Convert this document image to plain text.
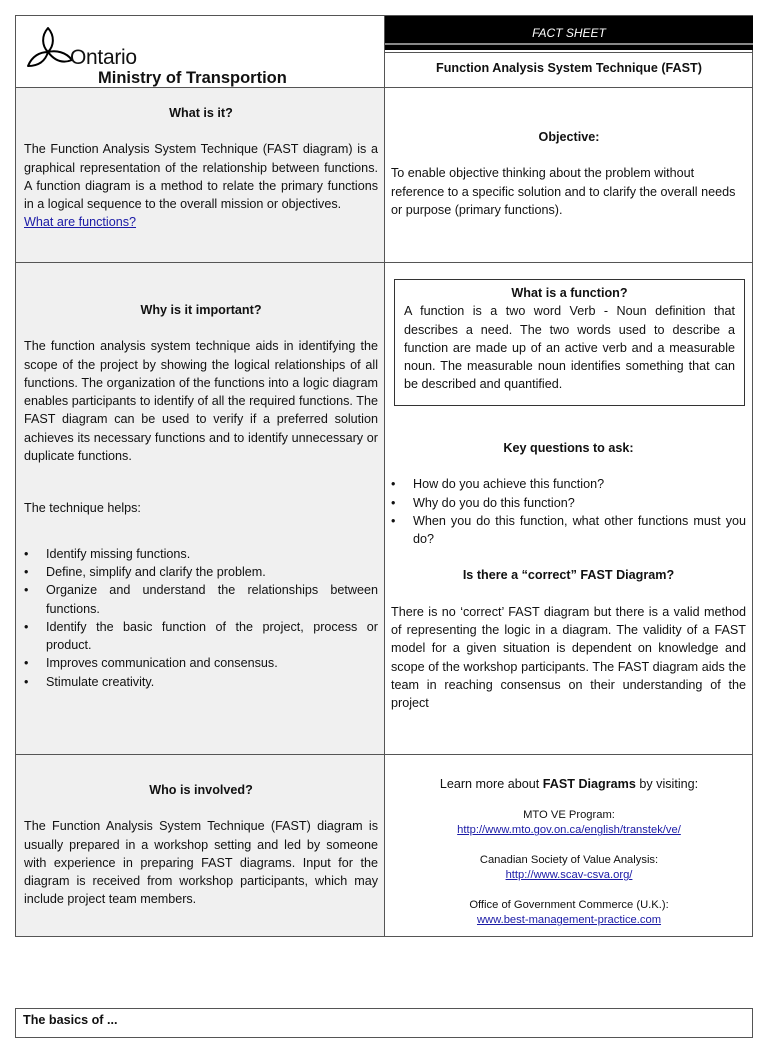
Ontario
Ministry of Transportion
FACT SHEET
Function Analysis System Technique (FAST)

What is it?

The Function Analysis System Technique (FAST diagram) is a graphical representation of the relationship between functions. A function diagram is a method to relate the primary functions in a logical sequence to the overall mission or objectives.

What are functions?

Objective:

To enable objective thinking about the problem without reference to a specific solution and to clarify the overall needs or purpose (primary functions).

Why is it important?

The function analysis system technique aids in identifying the scope of the project by showing the logical relationships of all functions. The organization of the functions into a logic diagram enables participants to identify of all the required functions. The FAST diagram can be used to verify if a preferred solution achieves its necessary functions and to identify unnecessary or duplicate functions.

The technique helps:

• Identify missing functions.
• Define, simplify and clarify the problem.
• Organize and understand the relationships between functions.
• Identify the basic function of the project, process or product.
• Improves communication and consensus.
• Stimulate creativity.

What is a function?

A function is a two word Verb - Noun definition that describes a need. The two words used to describe a function are made up of an active verb and a measurable noun. The measurable noun identifies something that can be described and quantified.

Key questions to ask:

• How do you achieve this function?
• Why do you do this function?
• When you do this function, what other functions must you do?

Is there a “correct” FAST Diagram?

There is no ‘correct’ FAST diagram but there is a valid method of representing the logic in a diagram. The validity of a FAST model for a given situation is dependent on knowledge and scope of the workshop participants. The FAST diagram aids the team in reaching consensus on their understanding of the project

Who is involved?

The Function Analysis System Technique (FAST) diagram is usually prepared in a workshop setting and led by someone with experience in preparing FAST diagrams. Input for the diagram is received from workshop participants, which may include project team members.

Learn more about FAST Diagrams by visiting:

MTO VE Program:
http://www.mto.gov.on.ca/english/transtek/ve/
Canadian Society of Value Analysis:
http://www.scav-csva.org/
Office of Government Commerce (U.K.):
www.best-management-practice.com
The basics of ...
